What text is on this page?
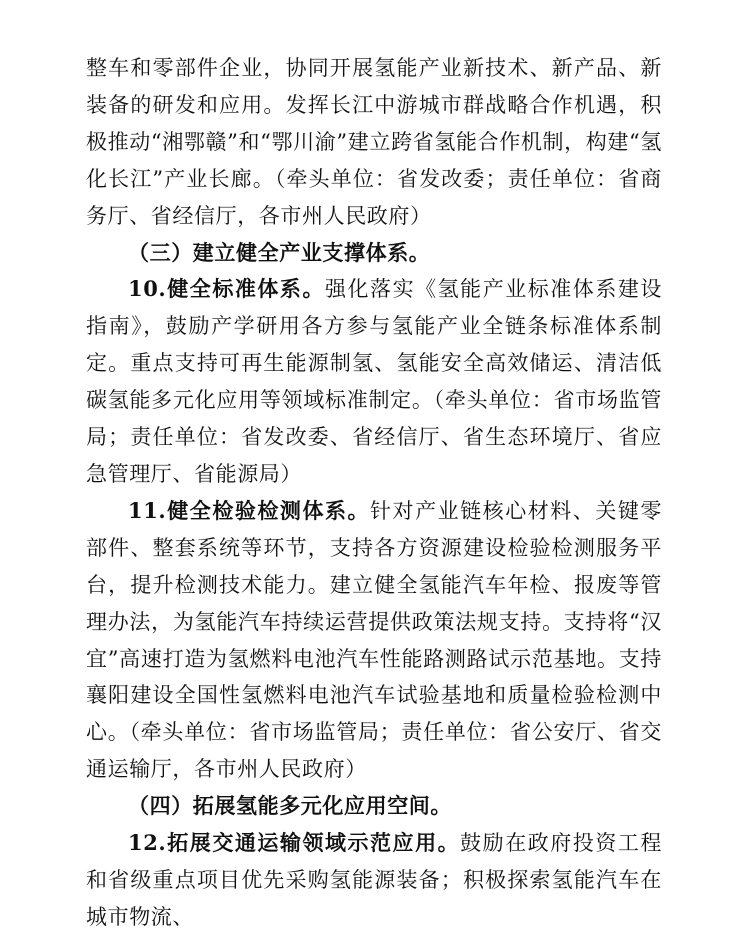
整车和零部件企业，协同开展氢能产业新技术、新产品、新装备的研发和应用。发挥长江中游城市群战略合作机遇，积极推动“湘鄂赣”和“鄂川渝”建立跨省氢能合作机制，构建“氢化长江”产业长廊。（牵头单位：省发改委；责任单位：省商务厅、省经信厅，各市州人民政府）

（三）建立健全产业支撑体系。

10.健全标准体系。强化落实《氢能产业标准体系建设指南》，鼓励产学研用各方参与氢能产业全链条标准体系制定。重点支持可再生能源制氢、氢能安全高效储运、清洁低碳氢能多元化应用等领域标准制定。（牵头单位：省市场监管局；责任单位：省发改委、省经信厅、省生态环境厅、省应急管理厅、省能源局）

11.健全检验检测体系。针对产业链核心材料、关键零部件、整套系统等环节，支持各方资源建设检验检测服务平台，提升检测技术能力。建立健全氢能汽车年检、报废等管理办法，为氢能汽车持续运营提供政策法规支持。支持将“汉宜”高速打造为氢燃料电池汽车性能路测路试示范基地。支持襄阳建设全国性氢燃料电池汽车试验基地和质量检验检测中心。（牵头单位：省市场监管局；责任单位：省公安厅、省交通运输厅，各市州人民政府）

（四）拓展氢能多元化应用空间。

12.拓展交通运输领域示范应用。鼓励在政府投资工程和省级重点项目优先采购氢能源装备；积极探索氢能汽车在城市物流、
